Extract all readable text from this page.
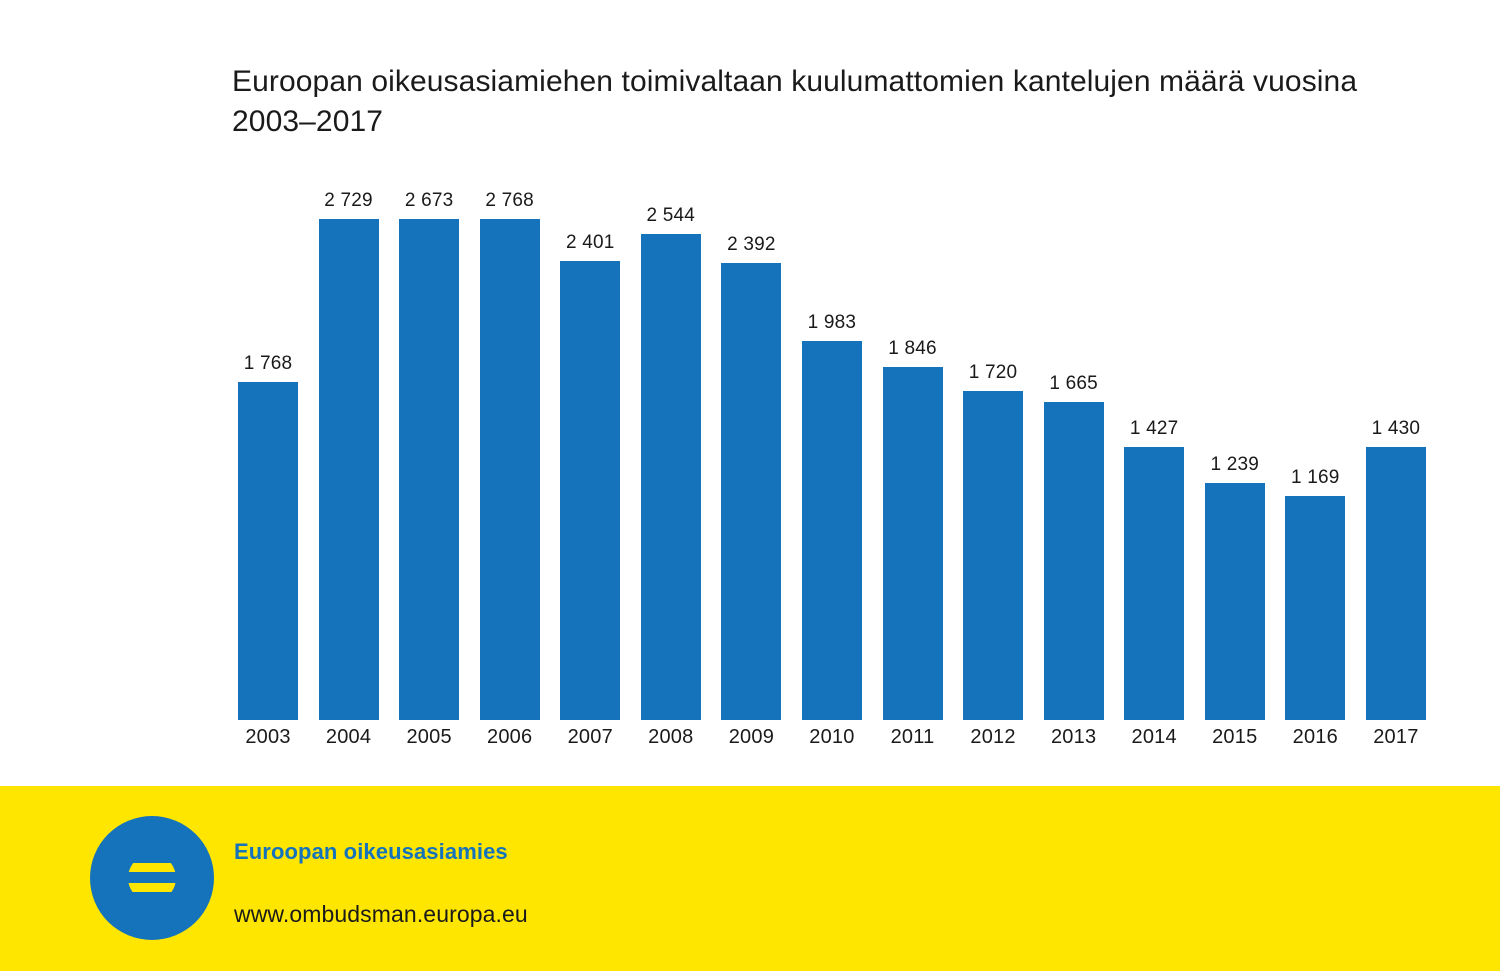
Euroopan oikeusasiamiehen toimivaltaan kuulumattomien kantelujen määrä vuosina 2003–2017
1 768
2 729 2 673 2 768
2 401
2 544
2 392
1 983
1 846
1 720
1 665
1 427
1 239
1 169
1 430
2003	2004	2005	2006	2007	2008	2009	2010	2011	2012	2013	2014	2015	2016	2017
Euroopan oikeusasiamies
www.ombudsman.europa.eu
